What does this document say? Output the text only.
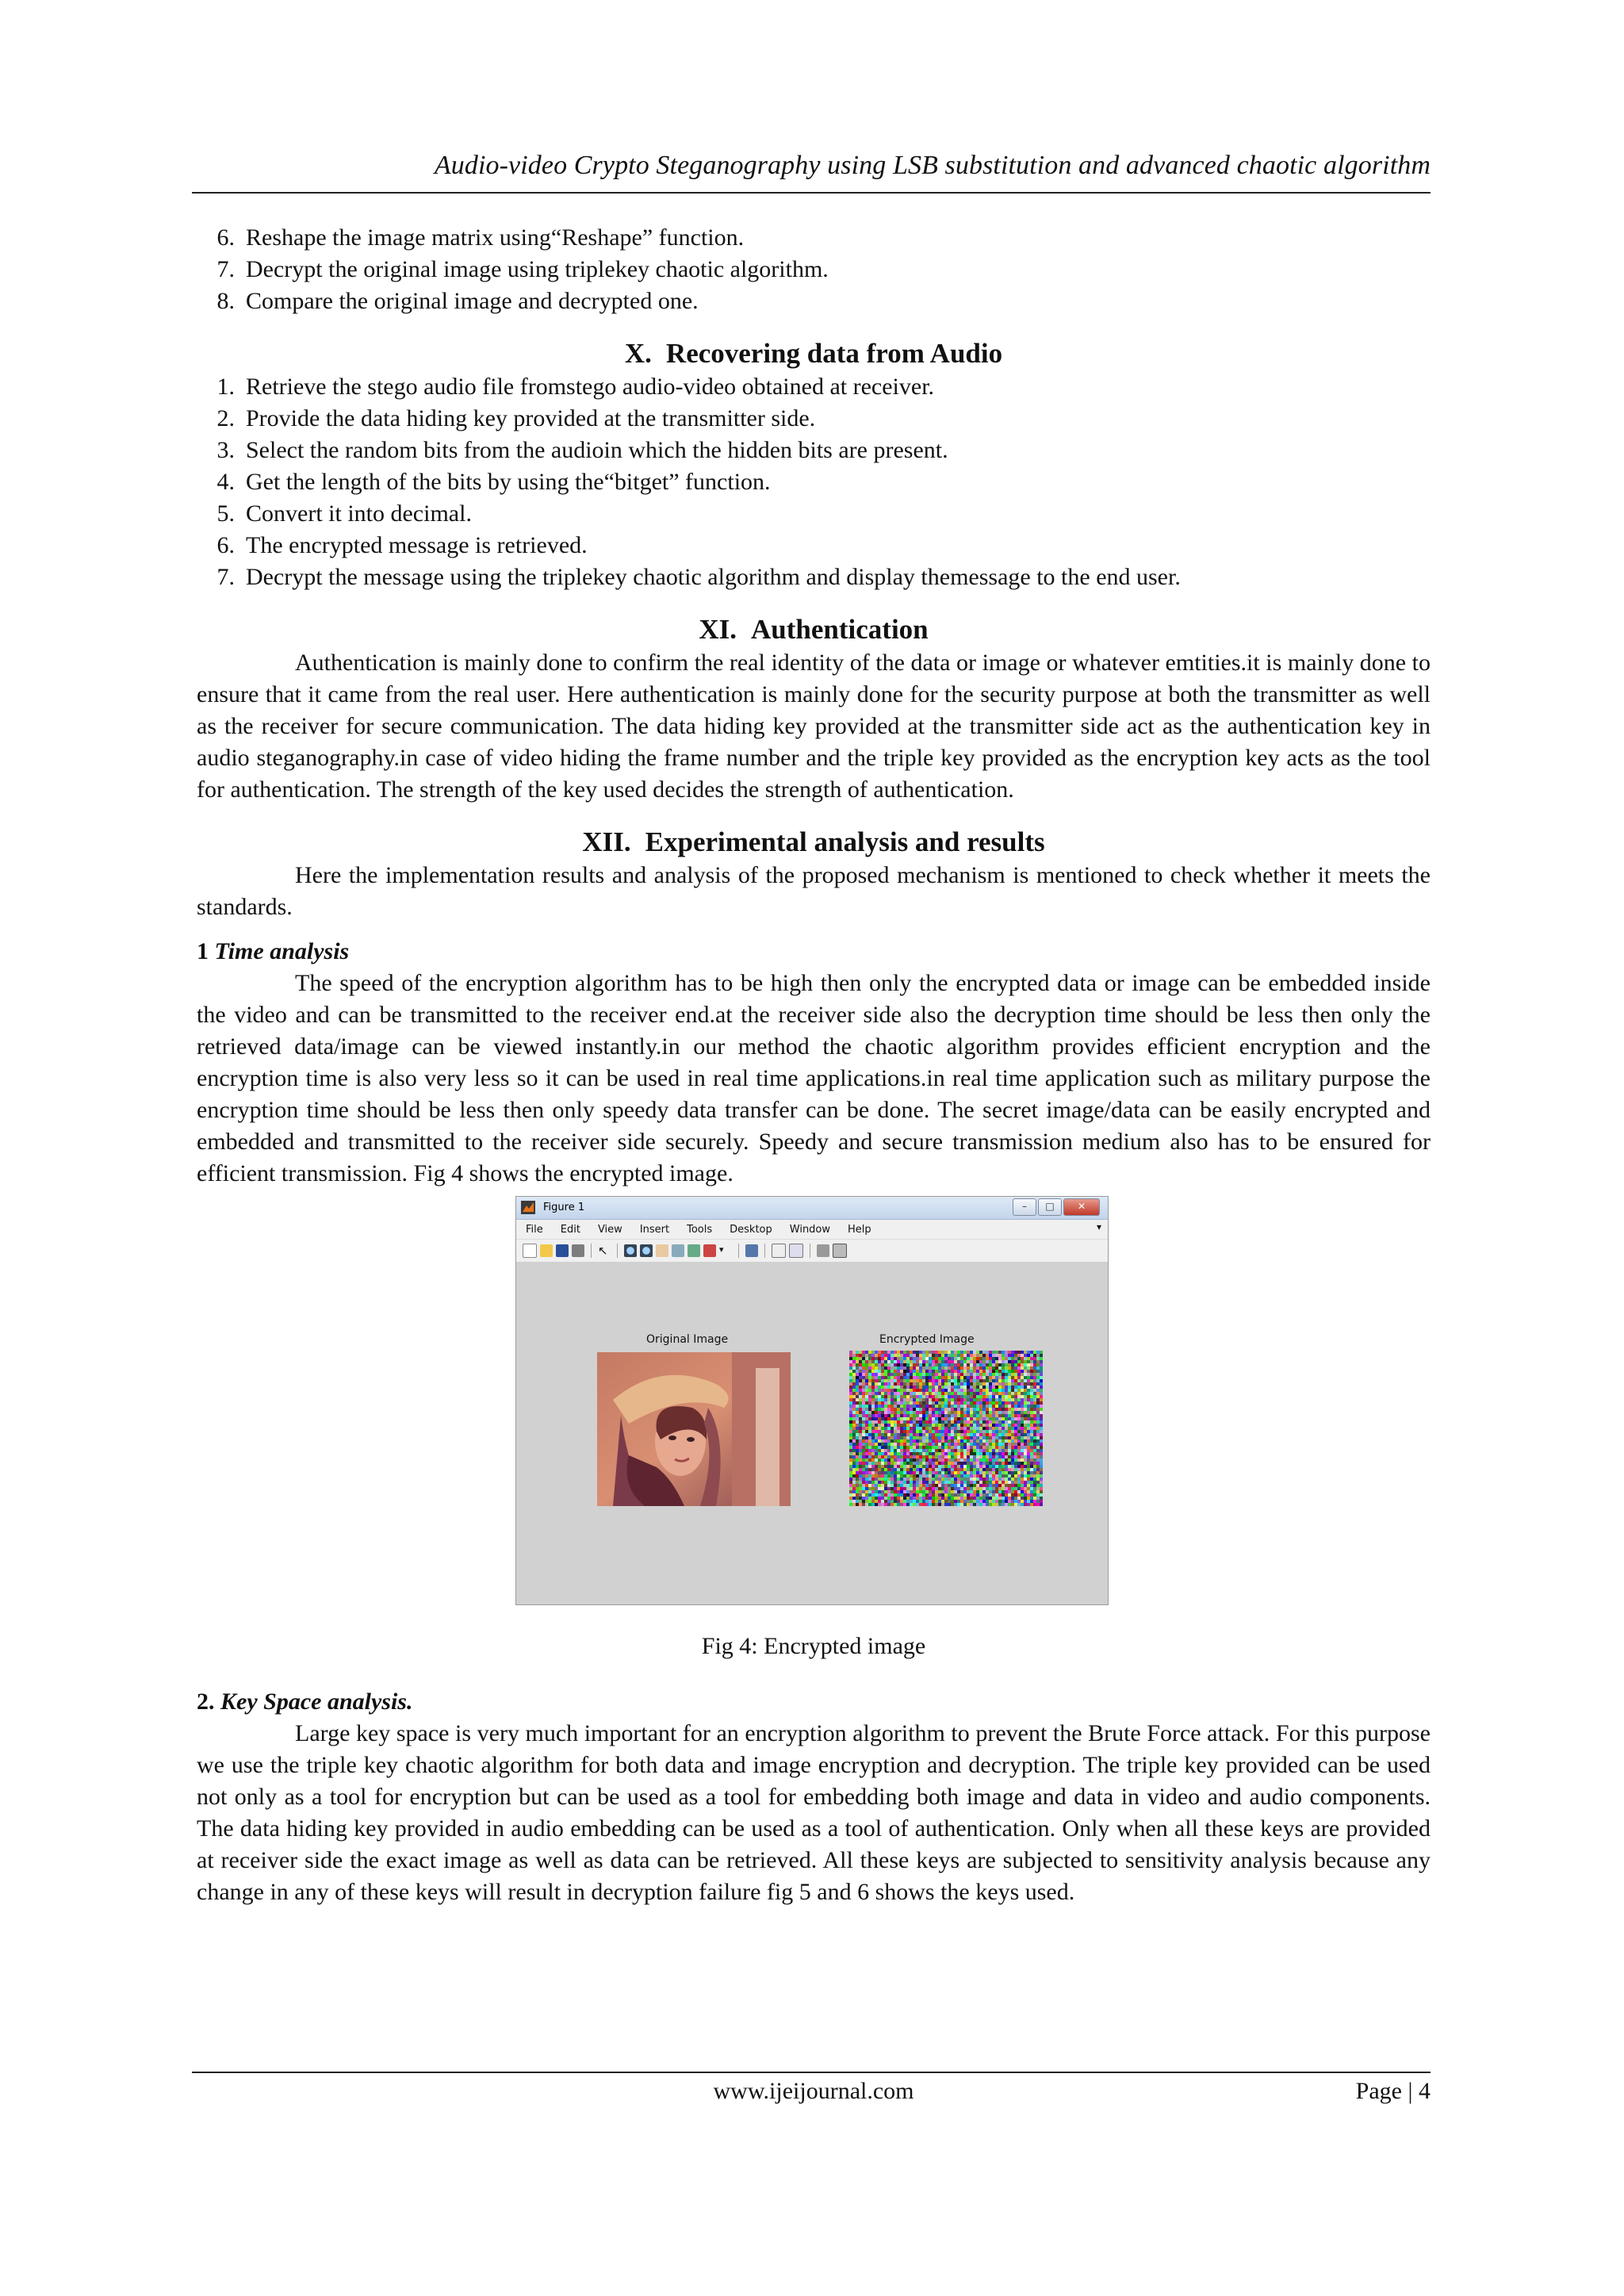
Audio-video Crypto Steganography using LSB substitution and advanced chaotic algorithm
6. Reshape the image matrix using“Reshape” function.
7. Decrypt the original image using triplekey chaotic algorithm.
8. Compare the original image and decrypted one.
X. Recovering data from Audio
1. Retrieve the stego audio file fromstego audio-video obtained at receiver.
2. Provide the data hiding key provided at the transmitter side.
3. Select the random bits from the audioin which the hidden bits are present.
4. Get the length of the bits by using the“bitget” function.
5. Convert it into decimal.
6. The encrypted message is retrieved.
7. Decrypt the message using the triplekey chaotic algorithm and display themessage to the end user.
XI. Authentication

Authentication is mainly done to confirm the real identity of the data or image or whatever emtities.it is mainly done to ensure that it came from the real user. Here authentication is mainly done for the security purpose at both the transmitter as well as the receiver for secure communication. The data hiding key provided at the transmitter side act as the authentication key in audio steganography.in case of video hiding the frame number and the triple key provided as the encryption key acts as the tool for authentication. The strength of the key used decides the strength of authentication.

XII. Experimental analysis and results

Here the implementation results and analysis of the proposed mechanism is mentioned to check whether it meets the standards.

1 Time analysis

The speed of the encryption algorithm has to be high then only the encrypted data or image can be embedded inside the video and can be transmitted to the receiver end.at the receiver side also the decryption time should be less then only the retrieved data/image can be viewed instantly.in our method the chaotic algorithm provides efficient encryption and the encryption time is also very less so it can be used in real time applications.in real time application such as military purpose the encryption time should be less then only speedy data transfer can be done. The secret image/data can be easily encrypted and embedded and transmitted to the receiver side securely. Speedy and secure transmission medium also has to be ensured for efficient transmission. Fig 4 shows the encrypted image.

Figure 1	–	□	✕
File Edit View Insert Tools Desktop Window Help	▾
↖	▾
Original Image	Encrypted Image
Fig 4: Encrypted image
2. Key Space analysis.

Large key space is very much important for an encryption algorithm to prevent the Brute Force attack. For this purpose we use the triple key chaotic algorithm for both data and image encryption and decryption. The triple key provided can be used not only as a tool for encryption but can be used as a tool for embedding both image and data in video and audio components. The data hiding key provided in audio embedding can be used as a tool of authentication. Only when all these keys are provided at receiver side the exact image as well as data can be retrieved. All these keys are subjected to sensitivity analysis because any change in any of these keys will result in decryption failure fig 5 and 6 shows the keys used.

www.ijeijournal.com	Page | 4
